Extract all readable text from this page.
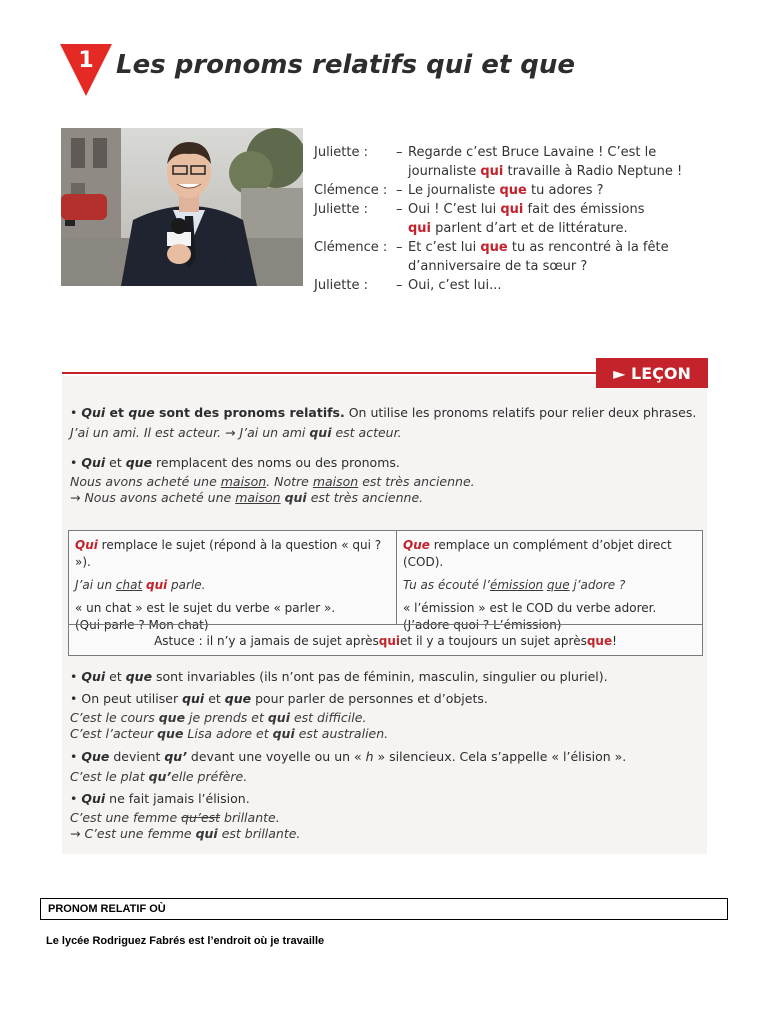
1 Les pronoms relatifs qui et que
Juliette :	– Regarde c’est Bruce Lavaine ! C’est le
journaliste qui travaille à Radio Neptune !
Clémence : – Le journaliste que tu adores ?
Juliette :	– Oui ! C’est lui qui fait des émissions
qui parlent d’art et de littérature.
Clémence : – Et c’est lui que tu as rencontré à la fête
d’anniversaire de ta sœur ?
Juliette :	– Oui, c’est lui...
► LEÇON

• Qui et que sont des pronoms relatifs. On utilise les pronoms relatifs pour relier deux phrases.

J’ai un ami. Il est acteur. → J’ai un ami qui est acteur.

• Qui et que remplacent des noms ou des pronoms.

Nous avons acheté une maison. Notre maison est très ancienne.

→ Nous avons acheté une maison qui est très ancienne.

Qui remplace le sujet (répond à la question « qui ? »).
J’ai un chat qui parle.
« un chat » est le sujet du verbe « parler ».
(Qui parle ? Mon chat)
Que remplace un complément d’objet direct (COD).
Tu as écouté l’émission que j’adore ?
« l’émission » est le COD du verbe adorer.
(J’adore quoi ? L’émission)
Astuce : il n’y a jamais de sujet après qui et il y a toujours un sujet après que !

• Qui et que sont invariables (ils n’ont pas de féminin, masculin, singulier ou pluriel).

• On peut utiliser qui et que pour parler de personnes et d’objets.

C’est le cours que je prends et qui est difficile.

C’est l’acteur que Lisa adore et qui est australien.

• Que devient qu’ devant une voyelle ou un « h » silencieux. Cela s’appelle « l’élision ».

C’est le plat qu’elle préfère.

• Qui ne fait jamais l’élision.

C’est une femme qu’est brillante.

→ C’est une femme qui est brillante.

PRONOM RELATIF OÙ
Le lycée Rodriguez Fabrés est l’endroit où je travaille
